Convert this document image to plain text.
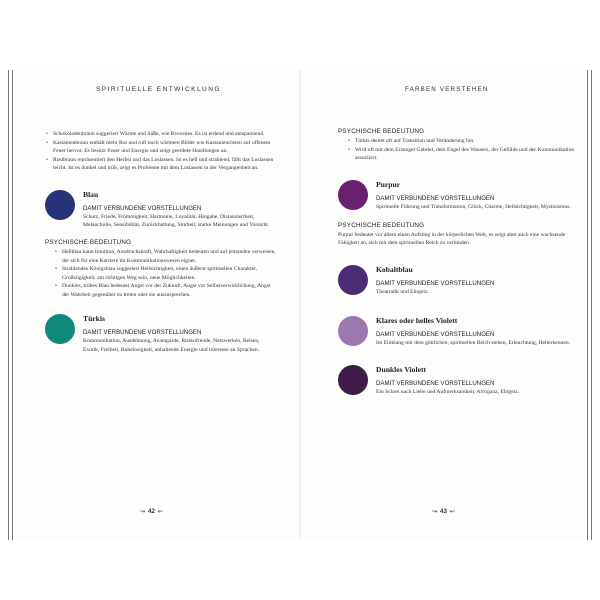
SPIRITUELLE ENTWICKLUNG
• Schokoladenbraun suggeriert Wärme und Süße, wie Brownies. Es ist erdend und entspannend.
• Kastanienbraun enthält mehr Rot und ruft noch wärmere Bilder wie Kastanienrösten auf offenem Feuer hervor. Es besitzt Feuer und Energie und zeigt geerdete Handlungen an.
• Rostbraun repräsentiert den Herbst und das Loslassen. Ist es hell und strahlend, fällt das Loslassen leicht. Ist es dunkel und trüb, zeigt es Probleme mit dem Loslassen in der Vergangenheit an.

Blau

DAMIT VERBUNDENE VORSTELLUNGEN

Schutz, Friede, Frömmigkeit, Harmonie, Loyalität, Hingabe, Distanziertheit, Melancholie, Sensibilität, Zurückhaltung, Sturheit, starke Meinungen und Vorsicht.

PSYCHISCHE BEDEUTUNG
• Hellblau kann Intuition, Ausdruckskraft, Wahrhaftigkeit bedeuten und auf jemanden verweisen, der sich für eine Karriere im Kommunikationswesen eignet.
• Strahlendes Königsblau suggeriert Hellsichtigkeit, einen äußerst spirituellen Charakter, Großzügigkeit, am richtigen Weg sein, neue Möglichkeiten.
• Dunkles, trübes Blau bedeutet Angst vor der Zukunft, Angst vor Selbstverwirklichung, Angst der Wahrheit gegenüber zu treten oder sie auszusprechen.

Türkis

DAMIT VERBUNDENE VORSTELLUNGEN

Kommunikation, Ausdehnung, Avantgarde, Risikofreude, Netzwerken, Reisen, Exotik, Freiheit, Ruhelosigkeit, anhaltende Energie und Interesse an Sprachen.

↝ 42 ↜
FARBEN VERSTEHEN
PSYCHISCHE BEDEUTUNG
• Türkis deutet oft auf Transition und Veränderung hin.
• Wird oft mit dem Erzengel Gabriel, dem Engel des Wassers, der Gefühle und der Kommunikation assoziiert.

Purpur

DAMIT VERBUNDENE VORSTELLUNGEN

Spirituelle Führung und Transformation, Glück, Charme, Hellsichtigkeit, Mystizismus.

PSYCHISCHE BEDEUTUNG

Purpur bedeutet vor allem einen Aufstieg in der körperlichen Welt, es zeigt aber auch eine wachsende Fähigkeit an, sich mit dem spirituellen Reich zu verbinden.

Kobaltblau

DAMIT VERBUNDENE VORSTELLUNGEN

Theatralik und Ehrgeiz.

Klares oder helles Violett

DAMIT VERBUNDENE VORSTELLUNGEN

Im Einklang mit dem göttlichen, spirituellen Reich stehen, Erleuchtung, Hellerkennen.

Dunkles Violett

DAMIT VERBUNDENE VORSTELLUNGEN

Ein Schrei nach Liebe und Aufmerksamkeit, Arroganz, Ehrgeiz.

↝ 43 ↜
